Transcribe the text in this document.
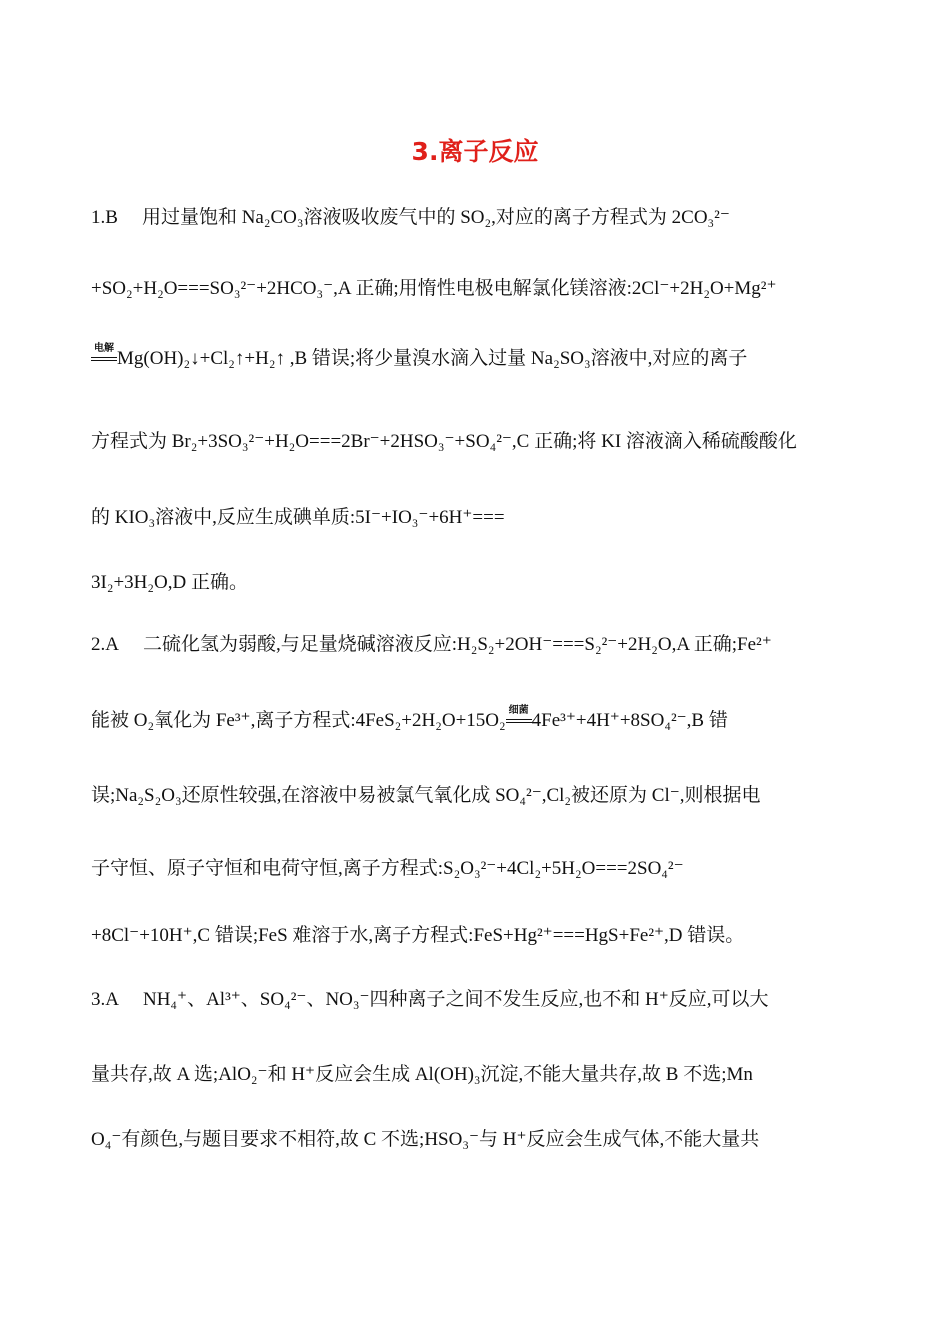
3.离子反应
1.B 用过量饱和 Na₂CO₃溶液吸收废气中的 SO₂,对应的离子方程式为 2CO₃²⁻
+SO₂+H₂O===SO₃²⁻+2HCO₃⁻,A 正确;用惰性电极电解氯化镁溶液:2Cl⁻+2H₂O+Mg²⁺
电解 Mg(OH)₂↓+Cl₂↑+H₂↑ ,B 错误;将少量溴水滴入过量 Na₂SO₃溶液中,对应的离子
方程式为 Br₂+3SO₃²⁻+H₂O===2Br⁻+2HSO₃⁻+SO₄²⁻,C 正确;将 KI 溶液滴入稀硫酸酸化
的 KIO₃溶液中,反应生成碘单质:5I⁻+IO₃⁻+6H⁺===
3I₂+3H₂O,D 正确。
2.A 二硫化氢为弱酸,与足量烧碱溶液反应:H₂S₂+2OH⁻===S₂²⁻+2H₂O,A 正确;Fe²⁺
能被 O₂氧化为 Fe³⁺,离子方程式:4FeS₂+2H₂O+15O₂ 细菌 4Fe³⁺+4H⁺+8SO₄²⁻,B 错
误;Na₂S₂O₃还原性较强,在溶液中易被氯气氧化成 SO₄²⁻,Cl₂被还原为 Cl⁻,则根据电
子守恒、原子守恒和电荷守恒,离子方程式:S₂O₃²⁻+4Cl₂+5H₂O===2SO₄²⁻
+8Cl⁻+10H⁺,C 错误;FeS 难溶于水,离子方程式:FeS+Hg²⁺===HgS+Fe²⁺,D 错误。
3.A NH₄⁺、Al³⁺、SO₄²⁻、NO₃⁻四种离子之间不发生反应,也不和 H⁺反应,可以大
量共存,故 A 选;AlO₂⁻和 H⁺反应会生成 Al(OH)₃沉淀,不能大量共存,故 B 不选;Mn
O₄⁻有颜色,与题目要求不相符,故 C 不选;HSO₃⁻与 H⁺反应会生成气体,不能大量共
